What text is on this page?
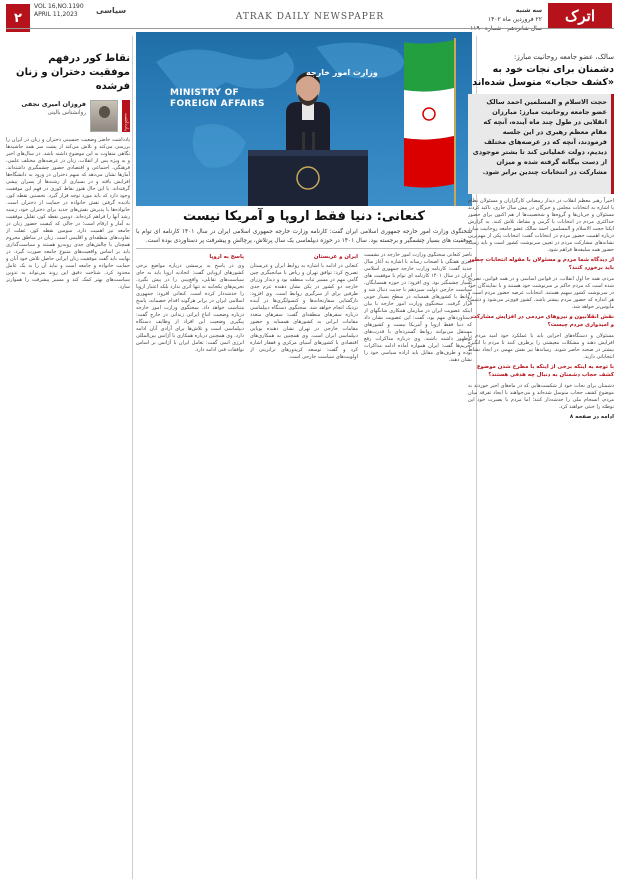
۲
VOL 16,NO.1190
APRIL 11,2023	سیاسی
ATRAK DAILY NEWSPAPER
سه شنبه
۲۲ فروردین ماه ۱۴۰۲	اترک
نقاط کور درفهم موفقیت دختران و زنان فرشده
یادداشت
فروزان امیری نجفی
روانشناس بالینی
یادداشت حاضر وضعیت جنسیتی دختران و زنان در ایران را بررسی می‌کند و تلاش می‌کند از پشت سر همه حاشیه‌ها نگاهی متفاوت به این موضوع داشته باشد. در سال‌های اخیر و به ویژه پس از انقلاب، زنان در عرصه‌های مختلف علمی، فرهنگی، اجتماعی و اقتصادی حضور چشمگیری داشته‌اند. آمارها نشان می‌دهد که سهم دختران در ورود به دانشگاه‌ها افزایش یافته و در بسیاری از رشته‌ها از پسران پیشی گرفته‌اند. با این حال هنوز نقاط کوری در فهم این موفقیت وجود دارد که باید مورد توجه قرار گیرد. نخستین نقطه کور، نادیده گرفتن نقش خانواده در حمایت از دختران است. خانواده‌ها با پذیرش نقش‌های جدید برای دختران خود، زمینه رشد آنها را فراهم کرده‌اند. دومین نقطه کور، تقلیل موفقیت به آمار و ارقام است؛ در حالی که کیفیت حضور زنان در جامعه نیز اهمیت دارد. سومین نقطه کور، غفلت از تفاوت‌های منطقه‌ای و اقلیمی است. زنان در مناطق محروم همچنان با چالش‌های جدی روبه‌رو هستند و سیاست‌گذاری باید بر اساس واقعیت‌های متنوع جامعه صورت گیرد. در نهایت باید گفت موفقیت زنان ایرانی حاصل تلاش خود آنان و حمایت خانواده و جامعه است و نباید آن را به یک عامل محدود کرد. شناخت دقیق این روند می‌تواند به تدوین سیاست‌های بهتر کمک کند و مسیر پیشرفت را هموارتر سازد.
MINISTRY OF
FOREIGN AFFAIRS
وزارت امور خارجه
کنعانی: دنیا فقط اروپا و آمریکا نیست
سخنگوی وزارت امور خارجه جمهوری اسلامی ایران گفت: کارنامه وزارت خارجه جمهوری اسلامی ایران در سال ۱۴۰۱ کارنامه ای توام با موفقیت های بسیار چشمگیر و برجسته بود. سال ۱۴۰۱ در حوزه دیپلماسی یک سال پرتلاش، پرچالش و پیشرفت پر دستاوردی بوده است.
ناصر کنعانی سخنگوی وزارت امور خارجه در نشست خبری هفتگی با اصحاب رسانه با اشاره به آغاز سال جدید گفت: کارنامه وزارت خارجه جمهوری اسلامی ایران در سال ۱۴۰۱ کارنامه ای توام با موفقیت های بسیار چشمگیر بود. وی افزود: در حوزه همسایگان، سیاست خارجی دولت سیزدهم با جدیت دنبال شد و روابط با کشورهای همسایه در سطح بسیار خوبی قرار گرفت. سخنگوی وزارت امور خارجه با بیان اینکه عضویت ایران در سازمان همکاری شانگهای از دستاوردهای مهم بود، گفت: این عضویت نشان داد که دنیا فقط اروپا و آمریکا نیست و کشورهای مستقل می‌توانند روابط گسترده‌ای با قدرت‌های نوظهور داشته باشند. وی درباره مذاکرات رفع تحریم‌ها گفت: ایران همواره آماده ادامه مذاکرات بوده و طرف‌های مقابل باید اراده سیاسی خود را نشان دهند.
ایران و عربستان
کنعانی در ادامه با اشاره به روابط ایران و عربستان تصریح کرد: توافق تهران و ریاض با میانجیگری چین گامی مهم در مسیر ثبات منطقه بود و دیدار وزرای خارجه دو کشور در پکن نشان دهنده عزم جدی طرفین برای از سرگیری روابط است. وی افزود: بازگشایی سفارتخانه‌ها و کنسولگری‌ها در آینده نزدیک انجام خواهد شد. سخنگوی دستگاه دیپلماسی درباره سفرهای منطقه‌ای گفت: سفرهای متعدد مقامات ایرانی به کشورهای همسایه و حضور مقامات خارجی در تهران نشان دهنده پویایی دیپلماسی ایران است. وی همچنین به همکاری‌های اقتصادی با کشورهای آسیای مرکزی و قفقاز اشاره کرد و گفت: توسعه کریدورهای ترانزیتی از اولویت‌های سیاست خارجی است.
پاسخ به اروپا
وی در پاسخ به پرسشی درباره مواضع برخی کشورهای اروپایی گفت: اتحادیه اروپا باید به جای سیاست‌های تقابلی، واقع‌بینی را در پیش بگیرد. تحریم‌های یکجانبه نه تنها اثری ندارد بلکه اعتبار اروپا را خدشه‌دار کرده است. کنعانی افزود: جمهوری اسلامی ایران در برابر هرگونه اقدام خصمانه، پاسخ متناسب خواهد داد. سخنگوی وزارت امور خارجه درباره وضعیت اتباع ایرانی زندانی در خارج گفت: پیگیری وضعیت این افراد از وظایف دستگاه دیپلماسی است و تلاش‌ها برای آزادی آنان ادامه دارد. وی همچنین درباره همکاری با آژانس بین‌المللی انرژی اتمی گفت: تعامل ایران با آژانس بر اساس توافقات فنی ادامه دارد.
سالک، عضو جامعه روحانیت مبارز:
دشمنان برای نجات خود به «کشف حجاب» متوسل شده‌اند
حجت الاسلام و المسلمین احمد سالک عضو جامعه روحانیت مبارز: مبارزان انقلابی در طول چند ماه آینده، آنچه که مقام معظم رهبری در این جلسه فرمودند، آنچه که در عرصه‌های مختلف دیدیم، دولت عملیاتی کند تا بشتر موجودی از دست بیگانه گرفته شده و میزان مشارکت در انتخابات چندین برابر شود.
اخیراً رهبر معظم انقلاب در دیدار رمضانی کارگزاران و مسئولان نظام با اشاره به انتخابات مجلس و خبرگان در پیش سال جاری، تاکید کردند مسئولان و جریان‌ها و گروه‌ها و شخصیت‌ها از هم اکنون برای حضور حداکثری مردم در انتخابات با گرمی و نشاط، تلاش کنند. به گزارش ایکنا حجت الاسلام و المسلمین احمد سالک عضو جامعه روحانیت مبارز درباره اهمیت حضور مردم در انتخابات گفت: انتخابات یکی از مهم‌ترین نشانه‌های مشارکت مردم در تعیین سرنوشت کشور است و باید زمینه حضور همه سلیقه‌ها فراهم شود.
از دیدگاه شما مردم و مسئولان با مقوله انتخابات چطور باید برخورد کنند؟
مردم، همه‌ جا اول انقلاب، در قوانین اساسی و در همه قوانین، تصریح شده است که مردم حاکم بر سرنوشت خود هستند و با نمایندگان خود در سرنوشت کشور سهیم هستند. انتخابات عرصه حضور مردم است و هر اندازه که حضور مردم بیشتر باشد، کشور قوی‌تر می‌شود و دشمن مأیوس‌تر خواهد شد.
نقش انقلابیون و نیروهای مردمی در افزایش مشارکت و امیدواری مردم چیست؟
مسئولان و دستگاه‌های اجرایی باید با عملکرد خود امید مردم را افزایش دهند و مشکلات معیشتی را برطرف کنند تا مردم با انگیزه بیشتر در صحنه حاضر شوند. رسانه‌ها نیز نقش مهمی در ایجاد نشاط انتخاباتی دارند.
با توجه به اینکه برخی از اینکه با مطرح شدن موضوع کشف حجاب دشمنان به دنبال چه هدفی هستند؟
دشمنان برای نجات خود از شکست‌هایی که در ماه‌های اخیر خوردند به موضوع کشف حجاب متوسل شده‌اند و می‌خواهند با ایجاد تفرقه میان مردم، انسجام ملی را خدشه‌دار کنند؛ اما مردم با بصیرت خود این توطئه را خنثی خواهند کرد.
ادامه در صفحه ۸
